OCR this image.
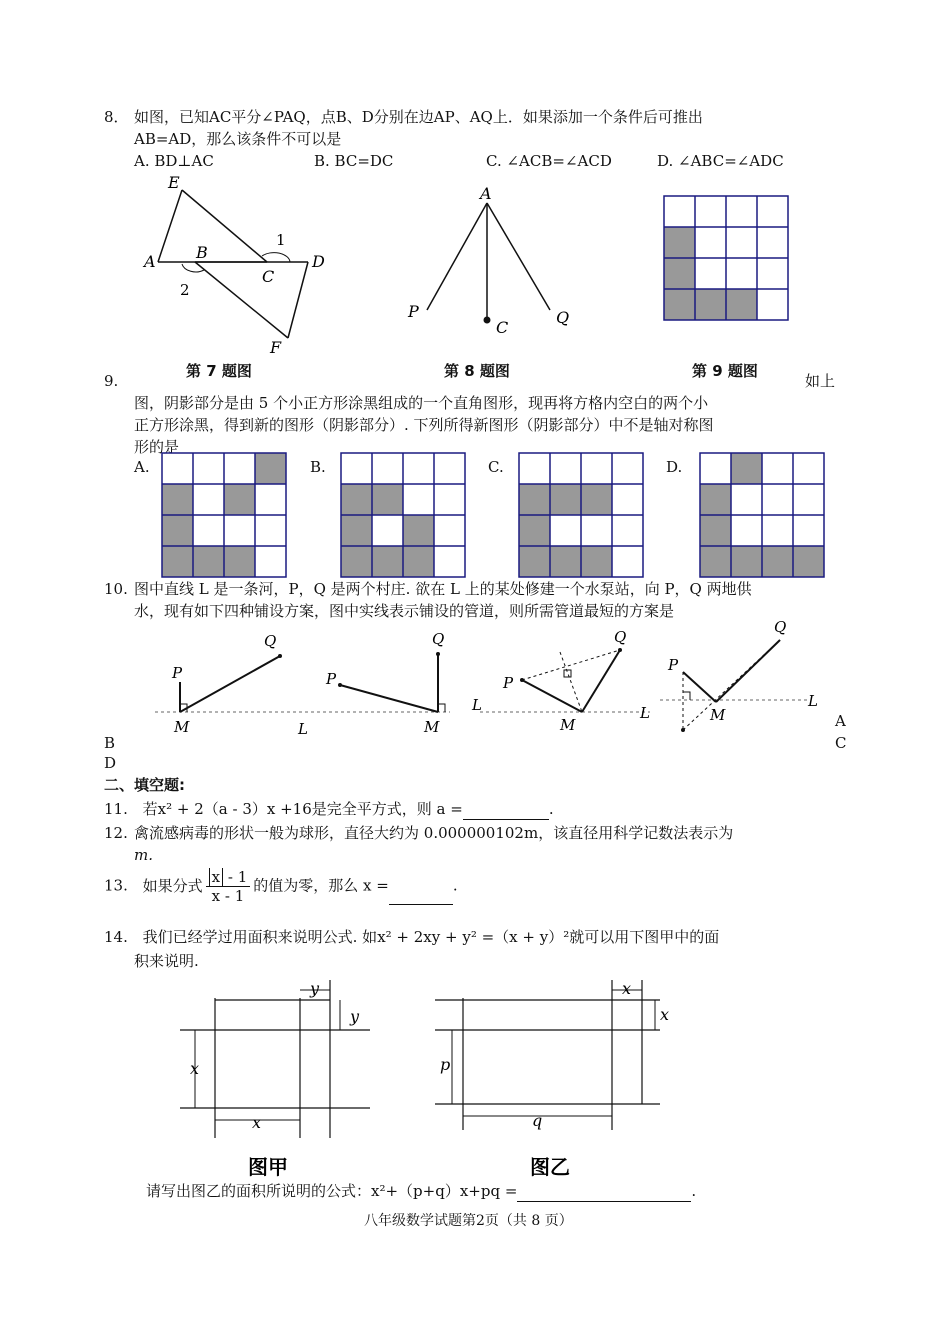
8． 如图，已知AC平分∠PAQ，点B、D分别在边AP、AQ上．如果添加一个条件后可推出
AB=AD，那么该条件不可以是
A. BD⊥AC	B. BC=DC	C. ∠ACB=∠ACD	D. ∠ABC=∠ADC
E
A	B
C
D
F
1
2
A
P
C
Q
第 7 题图	第 8 题图	第 9 题图
9.	如上
图，阴影部分是由 5 个小正方形涂黑组成的一个直角图形，现再将方格内空白的两个小
正方形涂黑，得到新的图形（阴影部分）. 下列所得新图形（阴影部分）中不是轴对称图
形的是
A.	B.	C.	D.
10. 图中直线 L 是一条河，P，Q 是两个村庄. 欲在 L 上的某处修建一个水泵站，向 P，Q 两地供
水，现有如下四种铺设方案，图中实线表示铺设的管道，则所需管道最短的方案是
P
Q
M	L
P
Q
M
L
P
Q
M
L
P
Q
M
L
A
B	C
D
二、填空题:
11. 若x² + 2（a - 3）x +16是完全平方式，则 a =	.
12. 禽流感病毒的形状一般为球形，直径大约为 0.000000102m，该直径用科学记数法表示为
m.
13. 如果分式 $\frac{x - 1}{x - 1}$ 的值为零，那么 x =	.
14. 我们已经学过用面积来说明公式. 如x² + 2xy + y² =（x + y）²就可以用下图甲中的面
积来说明.
y
y
x
x
图甲
x
x
p
q
图乙
请写出图乙的面积所说明的公式：x²+（p+q）x+pq =	.
八年级数学试题第2页（共 8 页）
